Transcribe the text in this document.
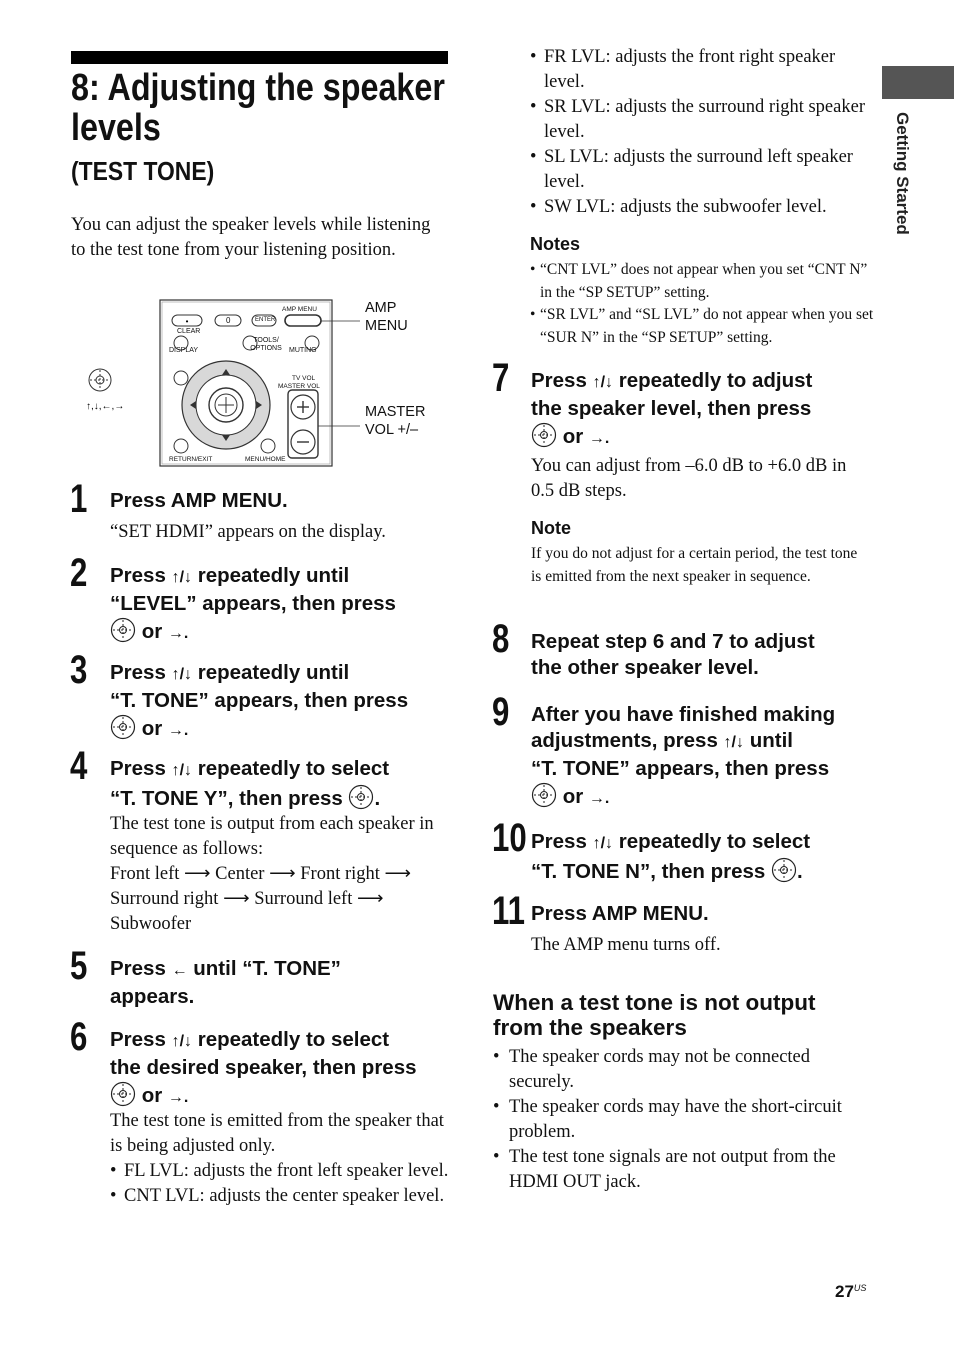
8: Adjusting the speaker
levels
(TEST TONE)
You can adjust the speaker levels while listening to the test tone from your listening position.
•
↑,↓,←,→
CLEAR
0	ENTER
AMP MENU
DISPLAY
TOOLS/ OPTIONS	MUTING
TV VOL
MASTER VOL
RETURN/EXIT	MENU/HOME
AMP
MENU
MASTER
VOL +/–
1 Press AMP MENU.
“SET HDMI” appears on the display.
2 Press ↑/↓ repeatedly until
“LEVEL” appears, then press
or →.
3 Press ↑/↓ repeatedly until
“T. TONE” appears, then press
or →.
4 Press ↑/↓ repeatedly to select
“T. TONE Y”, then press .
The test tone is output from each speaker in sequence as follows:
Front left ⟶ Center ⟶ Front right ⟶
Surround right ⟶ Surround left ⟶
Subwoofer
5 Press ← until “T. TONE”
appears.
6 Press ↑/↓ repeatedly to select
the desired speaker, then press
or →.
The test tone is emitted from the speaker that is being adjusted only.
• FL LVL: adjusts the front left speaker level.
• CNT LVL: adjusts the center speaker level.
• FR LVL: adjusts the front right speaker level.
• SR LVL: adjusts the surround right speaker level.
• SL LVL: adjusts the surround left speaker level.
• SW LVL: adjusts the subwoofer level.
Notes
• “CNT LVL” does not appear when you set “CNT N” in the “SP SETUP” setting.
• “SR LVL” and “SL LVL” do not appear when you set “SUR N” in the “SP SETUP” setting.
7 Press ↑/↓ repeatedly to adjust
the speaker level, then press
or →.
You can adjust from –6.0 dB to +6.0 dB in 0.5 dB steps.
Note
If you do not adjust for a certain period, the test tone is emitted from the next speaker in sequence.
8 Repeat step 6 and 7 to adjust
the other speaker level.
9 After you have finished making
adjustments, press ↑/↓ until
“T. TONE” appears, then press
or →.
10 Press ↑/↓ repeatedly to select
“T. TONE N”, then press .
11 Press AMP MENU.
The AMP menu turns off.
When a test tone is not output
from the speakers
• The speaker cords may not be connected securely.
• The speaker cords may have the short-circuit problem.
• The test tone signals are not output from the HDMI OUT jack.
Getting Started
$27^{US}$
